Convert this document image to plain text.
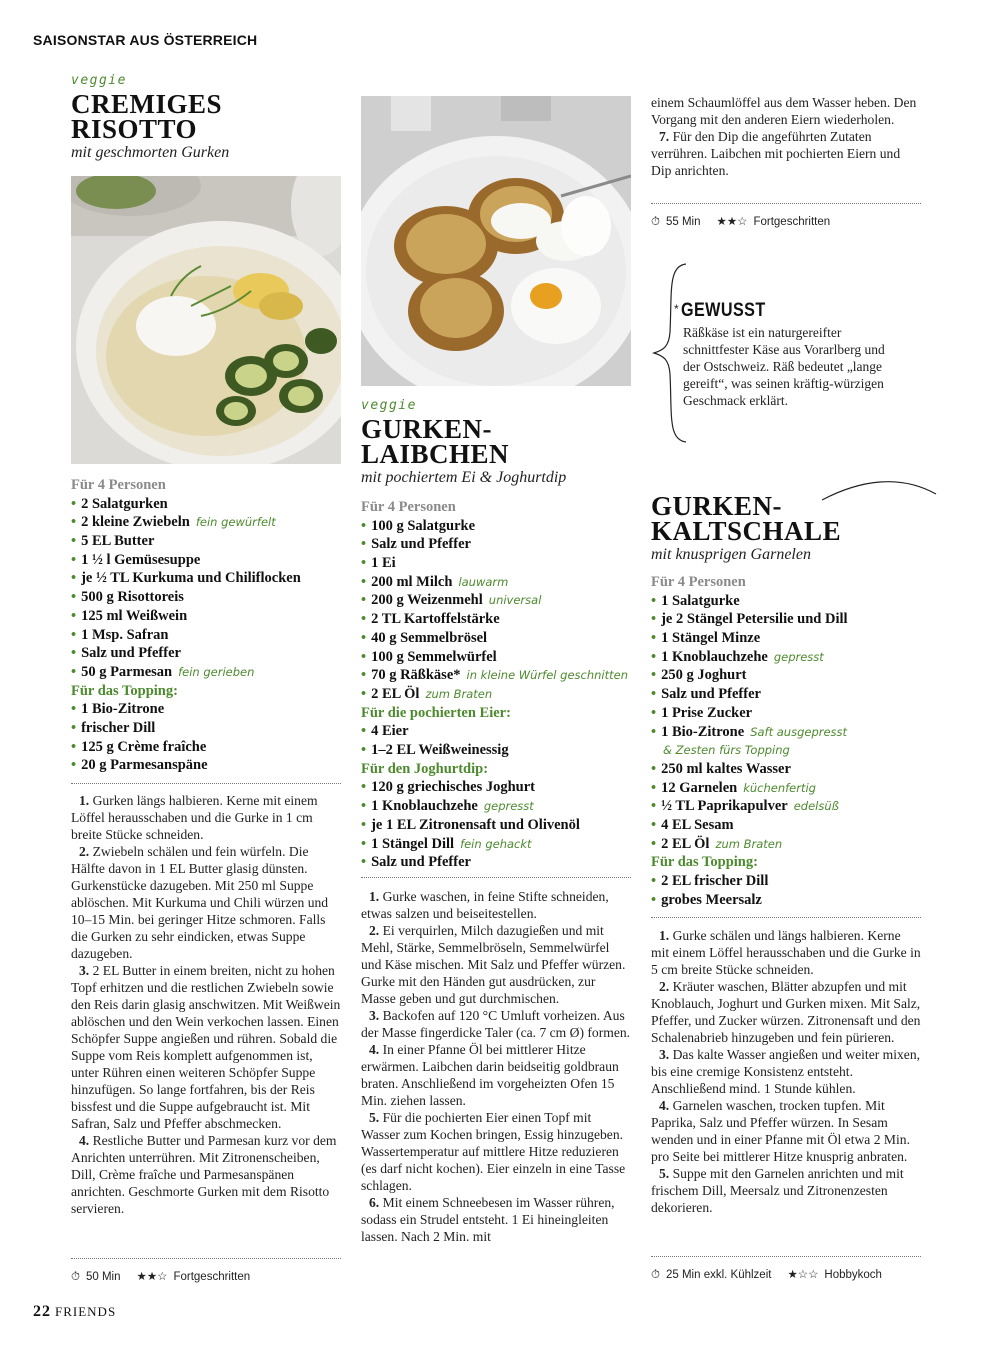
SAISONSTAR AUS ÖSTERREICH
veggie
CREMIGES
RISOTTO
mit geschmorten Gurken
Für 4 Personen
• 2 Salatgurken
• 2 kleine Zwiebeln fein gewürfelt
• 5 EL Butter
• 1 ½ l Gemüsesuppe
• je ½ TL Kurkuma und Chiliflocken
• 500 g Risottoreis
• 125 ml Weißwein
• 1 Msp. Safran
• Salz und Pfeffer
• 50 g Parmesan fein gerieben
Für das Topping:
• 1 Bio-Zitrone
• frischer Dill
• 125 g Crème fraîche
• 20 g Parmesanspäne

1. Gurken längs halbieren. Kerne mit einem Löffel herausschaben und die Gurke in 1 cm breite Stücke schneiden.

2. Zwiebeln schälen und fein würfeln. Die Hälfte davon in 1 EL Butter glasig dünsten. Gurkenstücke dazugeben. Mit 250 ml Suppe ablöschen. Mit Kurkuma und Chili würzen und 10–15 Min. bei geringer Hitze schmoren. Falls die Gurken zu sehr eindicken, etwas Suppe dazugeben.

3. 2 EL Butter in einem breiten, nicht zu hohen Topf erhitzen und die restlichen Zwiebeln sowie den Reis darin glasig anschwitzen. Mit Weißwein ablöschen und den Wein verkochen lassen. Einen Schöpfer Suppe angießen und rühren. Sobald die Suppe vom Reis komplett aufgenommen ist, unter Rühren einen weiteren Schöpfer Suppe hinzufügen. So lange fortfahren, bis der Reis bissfest und die Suppe aufgebraucht ist. Mit Safran, Salz und Pfeffer abschmecken.

4. Restliche Butter und Parmesan kurz vor dem Anrichten unterrühren. Mit Zitronenscheiben, Dill, Crème fraîche und Parmesanspänen anrichten. Geschmorte Gurken mit dem Risotto servieren.

⏱ 50 Min ★★☆ Fortgeschritten
veggie
GURKEN-
LAIBCHEN
mit pochiertem Ei & Joghurtdip
Für 4 Personen
• 100 g Salatgurke
• Salz und Pfeffer
• 1 Ei
• 200 ml Milch lauwarm
• 200 g Weizenmehl universal
• 2 TL Kartoffelstärke
• 40 g Semmelbrösel
• 100 g Semmelwürfel
• 70 g Räßkäse* in kleine Würfel geschnitten
• 2 EL Öl zum Braten
Für die pochierten Eier:
• 4 Eier
• 1–2 EL Weißweinessig
Für den Joghurtdip:
• 120 g griechisches Joghurt
• 1 Knoblauchzehe gepresst
• je 1 EL Zitronensaft und Olivenöl
• 1 Stängel Dill fein gehackt
• Salz und Pfeffer

1. Gurke waschen, in feine Stifte schneiden, etwas salzen und beiseitestellen.

2. Ei verquirlen, Milch dazugießen und mit Mehl, Stärke, Semmelbröseln, Semmelwürfel und Käse mischen. Mit Salz und Pfeffer würzen. Gurke mit den Händen gut ausdrücken, zur Masse geben und gut durchmischen.

3. Backofen auf 120 °C Umluft vorheizen. Aus der Masse fingerdicke Taler (ca. 7 cm Ø) formen.

4. In einer Pfanne Öl bei mittlerer Hitze erwärmen. Laibchen darin beidseitig goldbraun braten. Anschließend im vorgeheizten Ofen 15 Min. ziehen lassen.

5. Für die pochierten Eier einen Topf mit Wasser zum Kochen bringen, Essig hinzugeben. Wassertemperatur auf mittlere Hitze reduzieren (es darf nicht kochen). Eier einzeln in eine Tasse schlagen.

6. Mit einem Schneebesen im Wasser rühren, sodass ein Strudel entsteht. 1 Ei hineingleiten lassen. Nach 2 Min. mit

einem Schaumlöffel aus dem Wasser heben. Den Vorgang mit den anderen Eiern wiederholen.

7. Für den Dip die angeführten Zutaten verrühren. Laibchen mit pochierten Eiern und Dip anrichten.

⏱ 55 Min ★★☆ Fortgeschritten
* GEWUSST
Räßkäse ist ein naturgereifter schnittfester Käse aus Vorarlberg und der Ostschweiz. Räß bedeutet „lange gereift“, was seinen kräftig-würzigen Geschmack erklärt.
GURKEN-
KALTSCHALE
mit knusprigen Garnelen
Für 4 Personen
• 1 Salatgurke
• je 2 Stängel Petersilie und Dill
• 1 Stängel Minze
• 1 Knoblauchzehe gepresst
• 250 g Joghurt
• Salz und Pfeffer
• 1 Prise Zucker
• 1 Bio-Zitrone Saft ausgepresst
& Zesten fürs Topping
• 250 ml kaltes Wasser
• 12 Garnelen küchenfertig
• ½ TL Paprikapulver edelsüß
• 4 EL Sesam
• 2 EL Öl zum Braten
Für das Topping:
• 2 EL frischer Dill
• grobes Meersalz

1. Gurke schälen und längs halbieren. Kerne mit einem Löffel herausschaben und die Gurke in 5 cm breite Stücke schneiden.

2. Kräuter waschen, Blätter abzupfen und mit Knoblauch, Joghurt und Gurken mixen. Mit Salz, Pfeffer, und Zucker würzen. Zitronensaft und den Schalenabrieb hinzugeben und fein pürieren.

3. Das kalte Wasser angießen und weiter mixen, bis eine cremige Konsistenz entsteht. Anschließend mind. 1 Stunde kühlen.

4. Garnelen waschen, trocken tupfen. Mit Paprika, Salz und Pfeffer würzen. In Sesam wenden und in einer Pfanne mit Öl etwa 2 Min. pro Seite bei mittlerer Hitze knusprig anbraten.

5. Suppe mit den Garnelen anrichten und mit frischem Dill, Meersalz und Zitronenzesten dekorieren.

⏱ 25 Min exkl. Kühlzeit ★☆☆ Hobbykoch
22 FRIENDS
